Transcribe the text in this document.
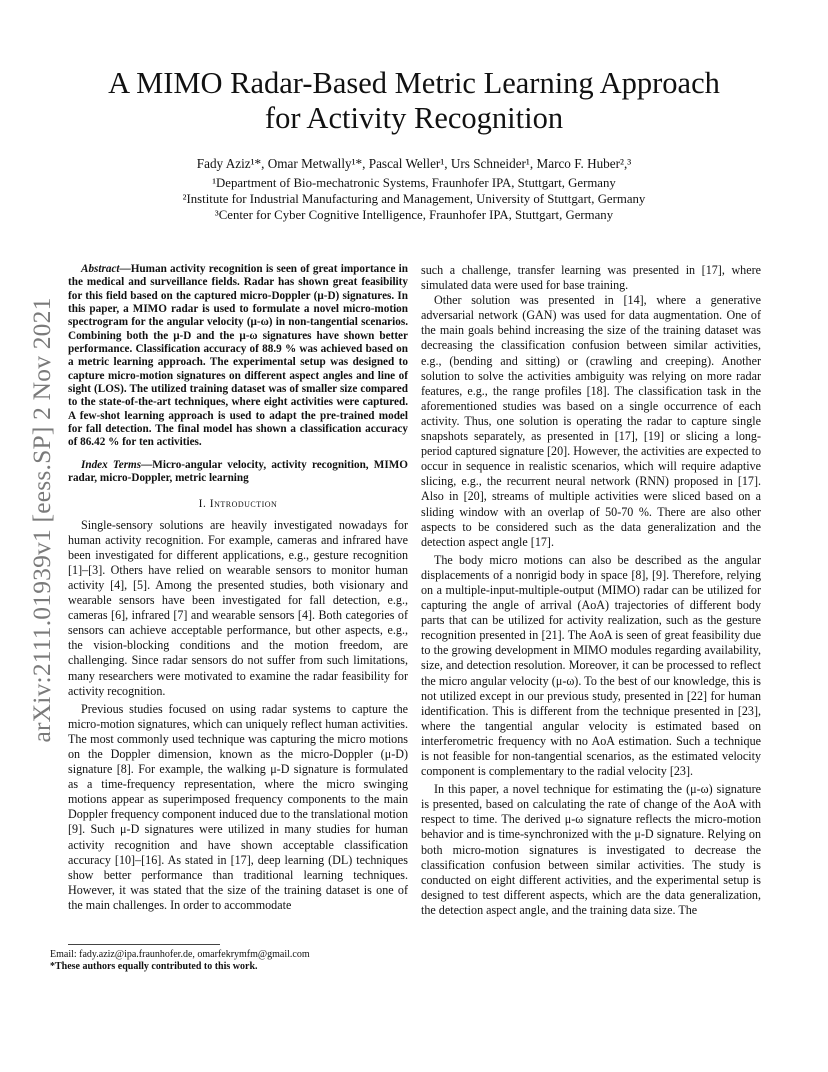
arXiv:2111.01939v1 [eess.SP] 2 Nov 2021
A MIMO Radar-Based Metric Learning Approach
for Activity Recognition
Fady Aziz¹*, Omar Metwally¹*, Pascal Weller¹, Urs Schneider¹, Marco F. Huber²,³
¹Department of Bio-mechatronic Systems, Fraunhofer IPA, Stuttgart, Germany
²Institute for Industrial Manufacturing and Management, University of Stuttgart, Germany
³Center for Cyber Cognitive Intelligence, Fraunhofer IPA, Stuttgart, Germany

Abstract—Human activity recognition is seen of great importance in the medical and surveillance fields. Radar has shown great feasibility for this field based on the captured micro-Doppler (μ-D) signatures. In this paper, a MIMO radar is used to formulate a novel micro-motion spectrogram for the angular velocity (μ-ω) in non-tangential scenarios. Combining both the μ-D and the μ-ω signatures have shown better performance. Classification accuracy of 88.9 % was achieved based on a metric learning approach. The experimental setup was designed to capture micro-motion signatures on different aspect angles and line of sight (LOS). The utilized training dataset was of smaller size compared to the state-of-the-art techniques, where eight activities were captured. A few-shot learning approach is used to adapt the pre-trained model for fall detection. The final model has shown a classification accuracy of 86.42 % for ten activities.

Index Terms—Micro-angular velocity, activity recognition, MIMO radar, micro-Doppler, metric learning

I. Introduction

Single-sensory solutions are heavily investigated nowadays for human activity recognition. For example, cameras and infrared have been investigated for different applications, e.g., gesture recognition [1]–[3]. Others have relied on wearable sensors to monitor human activity [4], [5]. Among the presented studies, both visionary and wearable sensors have been investigated for fall detection, e.g., cameras [6], infrared [7] and wearable sensors [4]. Both categories of sensors can achieve acceptable performance, but other aspects, e.g., the vision-blocking conditions and the motion freedom, are challenging. Since radar sensors do not suffer from such limitations, many researchers were motivated to examine the radar feasibility for activity recognition.

Previous studies focused on using radar systems to capture the micro-motion signatures, which can uniquely reflect human activities. The most commonly used technique was capturing the micro motions on the Doppler dimension, known as the micro-Doppler (μ-D) signature [8]. For example, the walking μ-D signature is formulated as a time-frequency representation, where the micro swinging motions appear as superimposed frequency components to the main Doppler frequency component induced due to the translational motion [9]. Such μ-D signatures were utilized in many studies for human activity recognition and have shown acceptable classification accuracy [10]–[16]. As stated in [17], deep learning (DL) techniques show better performance than traditional learning techniques. However, it was stated that the size of the training dataset is one of the main challenges. In order to accommodate

such a challenge, transfer learning was presented in [17], where simulated data were used for base training.

Other solution was presented in [14], where a generative adversarial network (GAN) was used for data augmentation. One of the main goals behind increasing the size of the training dataset was decreasing the classification confusion between similar activities, e.g., (bending and sitting) or (crawling and creeping). Another solution to solve the activities ambiguity was relying on more radar features, e.g., the range profiles [18]. The classification task in the aforementioned studies was based on a single occurrence of each activity. Thus, one solution is operating the radar to capture single snapshots separately, as presented in [17], [19] or slicing a long-period captured signature [20]. However, the activities are expected to occur in sequence in realistic scenarios, which will require adaptive slicing, e.g., the recurrent neural network (RNN) proposed in [17]. Also in [20], streams of multiple activities were sliced based on a sliding window with an overlap of 50-70 %. There are also other aspects to be considered such as the data generalization and the detection aspect angle [17].

The body micro motions can also be described as the angular displacements of a nonrigid body in space [8], [9]. Therefore, relying on a multiple-input-multiple-output (MIMO) radar can be utilized for capturing the angle of arrival (AoA) trajectories of different body parts that can be utilized for activity realization, such as the gesture recognition presented in [21]. The AoA is seen of great feasibility due to the growing development in MIMO modules regarding availability, size, and detection resolution. Moreover, it can be processed to reflect the micro angular velocity (μ-ω). To the best of our knowledge, this is not utilized except in our previous study, presented in [22] for human identification. This is different from the technique presented in [23], where the tangential angular velocity is estimated based on interferometric frequency with no AoA estimation. Such a technique is not feasible for non-tangential scenarios, as the estimated velocity component is complementary to the radial velocity [23].

In this paper, a novel technique for estimating the (μ-ω) signature is presented, based on calculating the rate of change of the AoA with respect to time. The derived μ-ω signature reflects the micro-motion behavior and is time-synchronized with the μ-D signature. Relying on both micro-motion signatures is investigated to decrease the classification confusion between similar activities. The study is conducted on eight different activities, and the experimental setup is designed to test different aspects, which are the data generalization, the detection aspect angle, and the training data size. The

Email: fady.aziz@ipa.fraunhofer.de, omarfekrymfm@gmail.com
*These authors equally contributed to this work.
